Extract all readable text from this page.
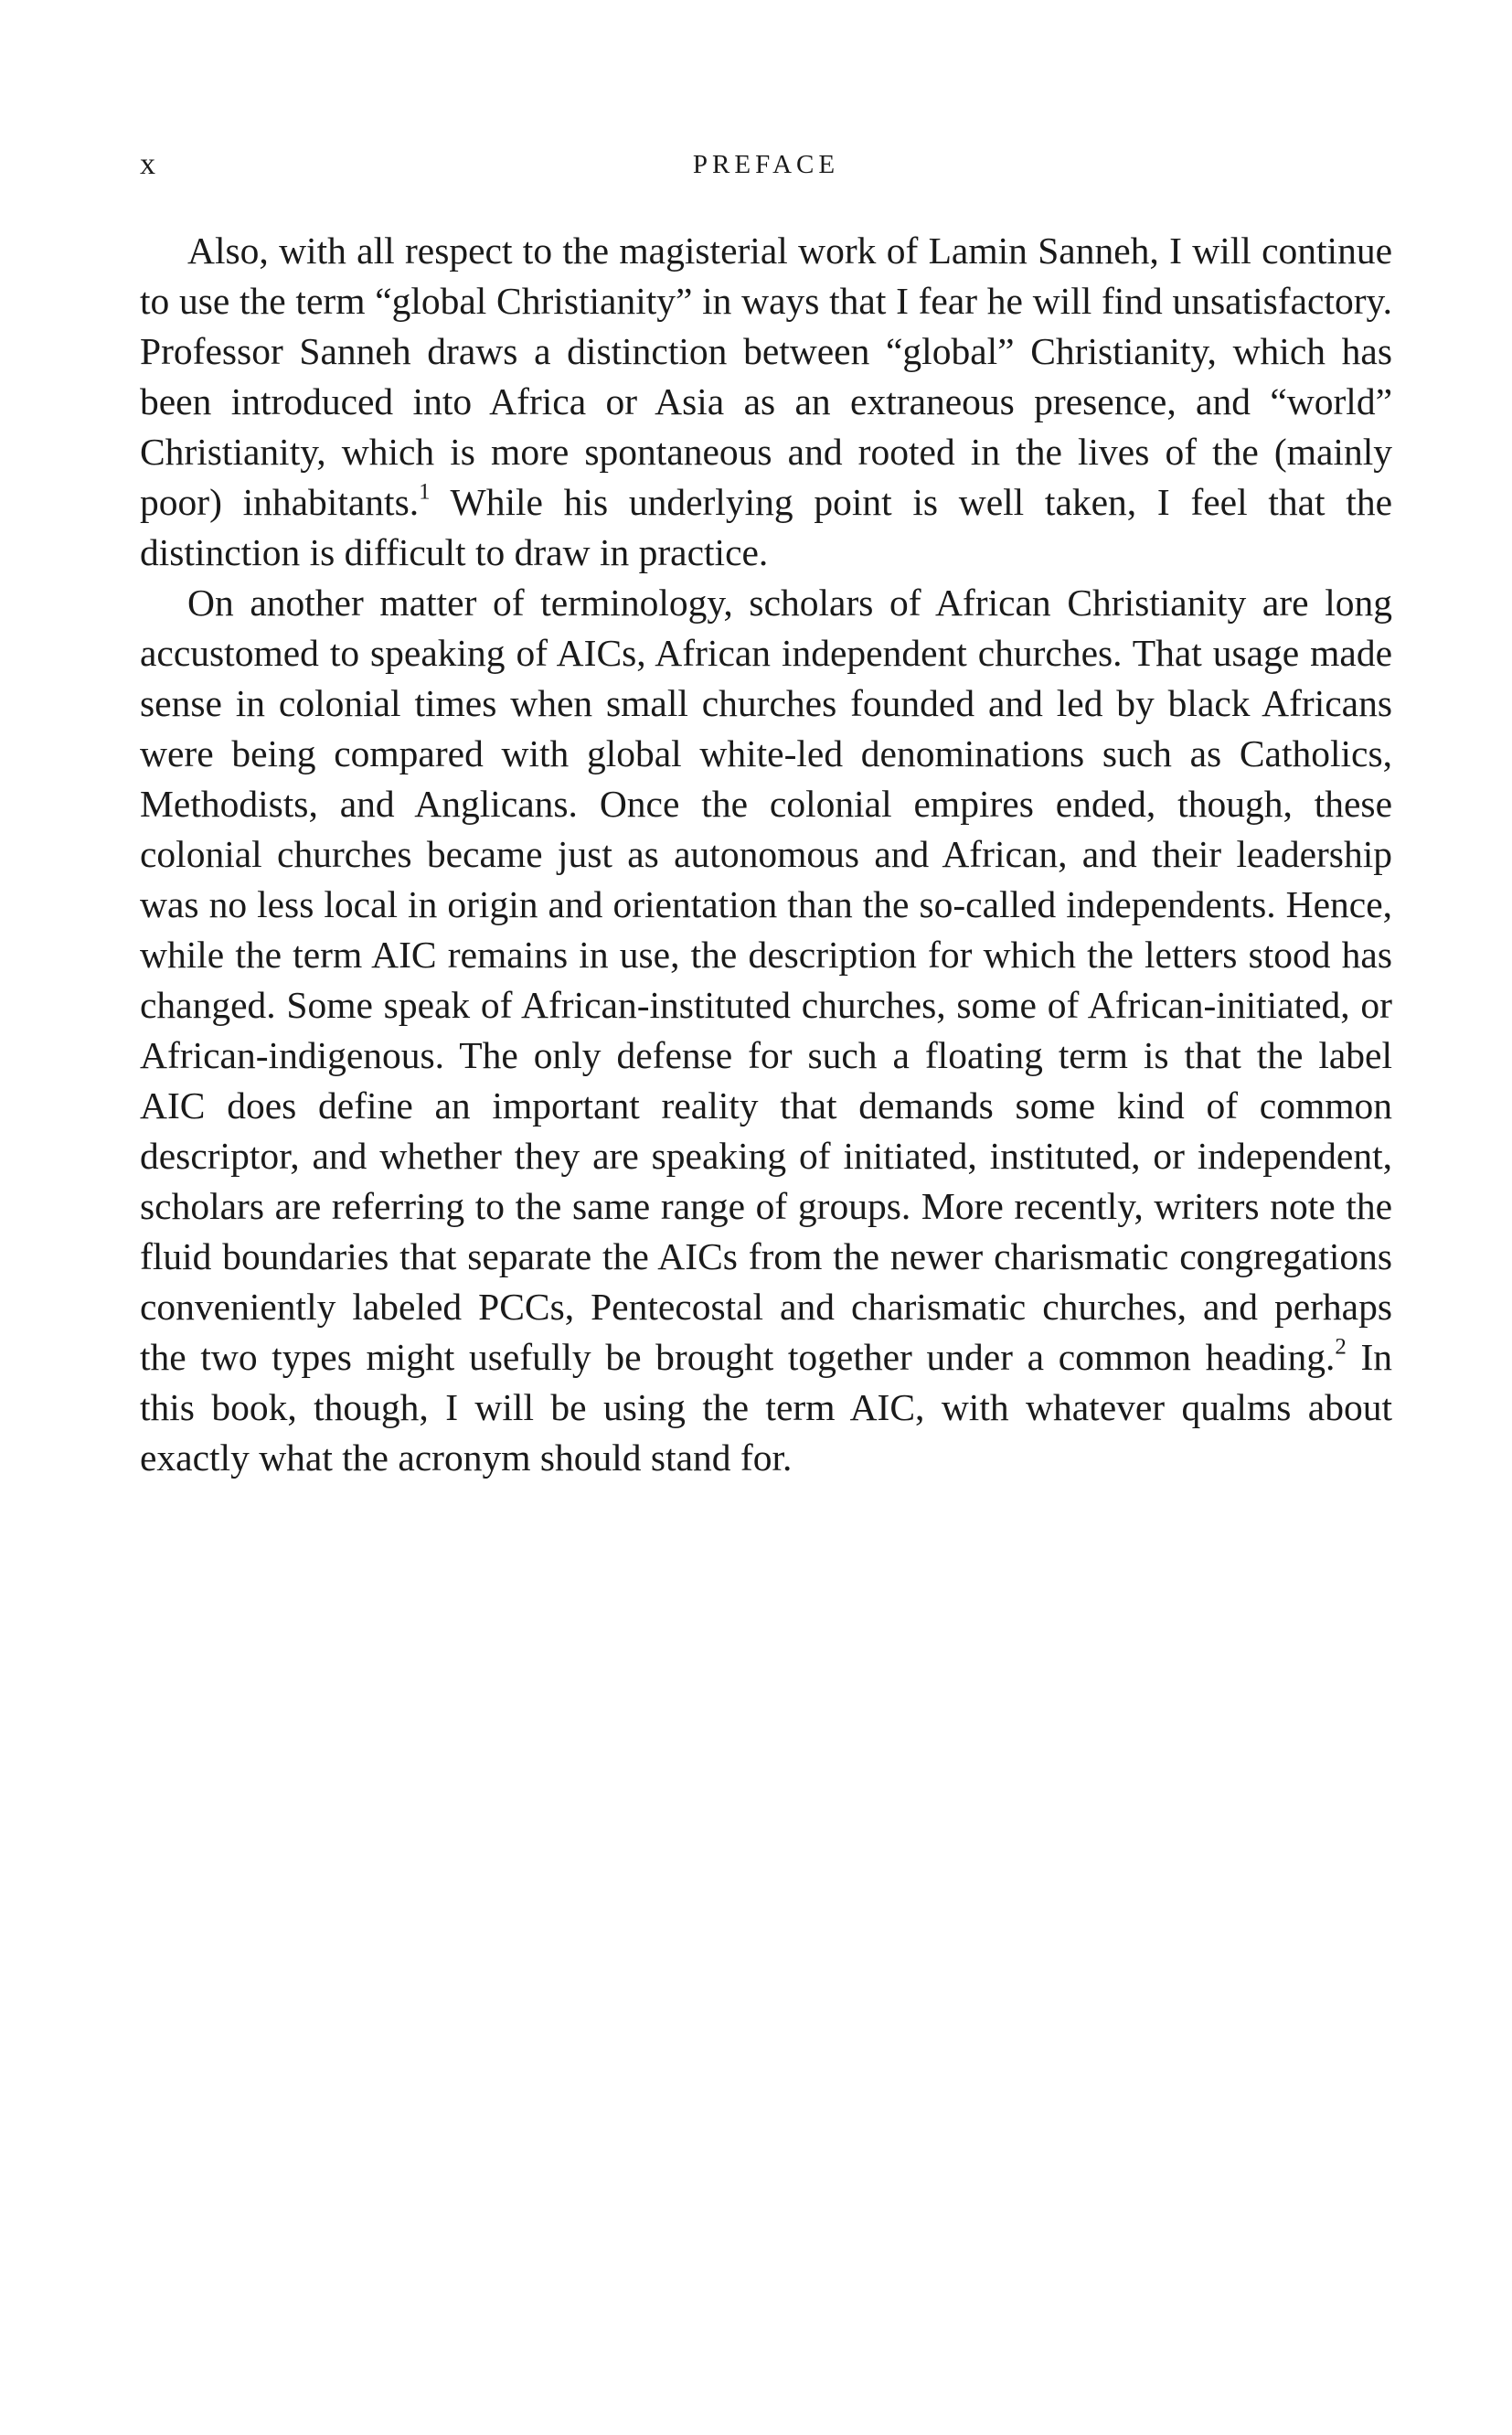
x	PREFACE

Also, with all respect to the magisterial work of Lamin Sanneh, I will continue to use the term “global Christianity” in ways that I fear he will find unsatisfactory. Professor Sanneh draws a distinction between “global” Christianity, which has been introduced into Africa or Asia as an extraneous presence, and “world” Christianity, which is more spontaneous and rooted in the lives of the (mainly poor) inhabitants.$^1$ While his underlying point is well taken, I feel that the distinction is difficult to draw in practice.

On another matter of terminology, scholars of African Christianity are long accustomed to speaking of AICs, African independent churches. That usage made sense in colonial times when small churches founded and led by black Africans were being compared with global white-led denominations such as Catholics, Methodists, and Anglicans. Once the colonial empires ended, though, these colonial churches became just as autonomous and African, and their leadership was no less local in origin and orientation than the so-called independents. Hence, while the term AIC remains in use, the description for which the letters stood has changed. Some speak of African-instituted churches, some of African-initiated, or African-indigenous. The only defense for such a floating term is that the label AIC does define an important reality that demands some kind of common descriptor, and whether they are speaking of initiated, instituted, or independent, scholars are referring to the same range of groups. More recently, writers note the fluid boundaries that separate the AICs from the newer charismatic congregations conveniently labeled PCCs, Pentecostal and charismatic churches, and perhaps the two types might usefully be brought together under a common heading.$^2$ In this book, though, I will be using the term AIC, with whatever qualms about exactly what the acronym should stand for.
